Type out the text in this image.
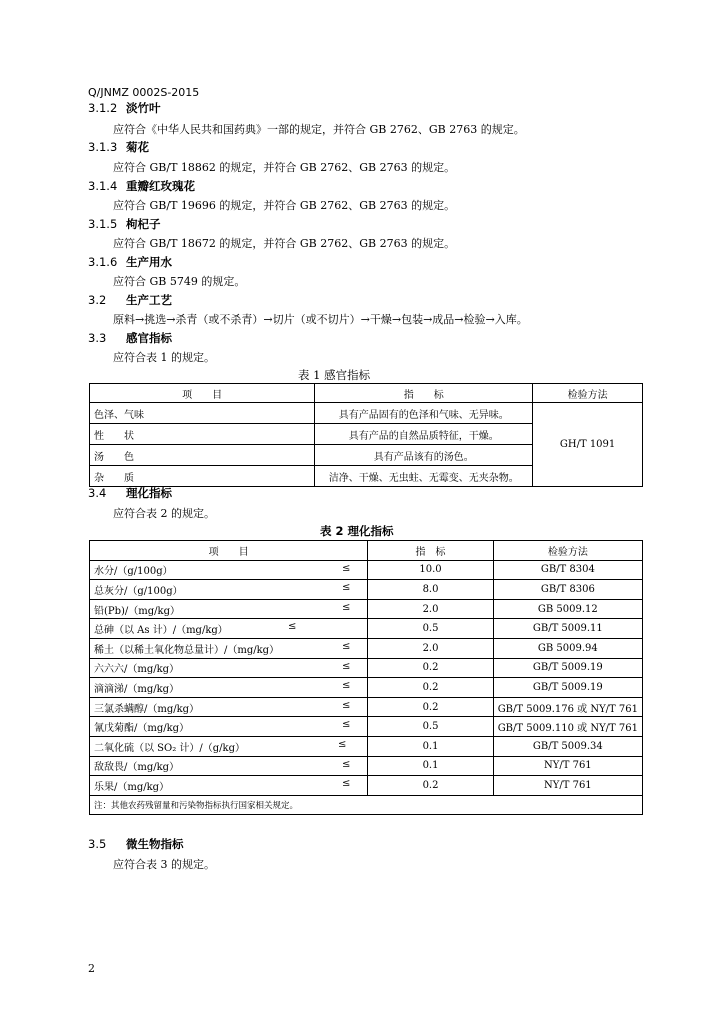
Q/JNMZ 0002S-2015
3.1.2 淡竹叶
应符合《中华人民共和国药典》一部的规定，并符合 GB 2762、GB 2763 的规定。
3.1.3 菊花
应符合 GB/T 18862 的规定，并符合 GB 2762、GB 2763 的规定。
3.1.4 重瓣红玫瑰花
应符合 GB/T 19696 的规定，并符合 GB 2762、GB 2763 的规定。
3.1.5 枸杞子
应符合 GB/T 18672 的规定，并符合 GB 2762、GB 2763 的规定。
3.1.6 生产用水
应符合 GB 5749 的规定。
3.2 生产工艺
原料→挑选→杀青（或不杀青）→切片（或不切片）→干燥→包装→成品→检验→入库。
3.3 感官指标
应符合表 1 的规定。
表 1 感官指标
项　　目	指　　标	检验方法
色泽、气味	具有产品固有的色泽和气味、无异味。	GH/T 1091
性　　状	具有产品的自然品质特征，干燥。	
汤　　色	具有产品该有的汤色。	
杂　　质	洁净、干燥、无虫蛀、无霉变、无夹杂物。	
3.4 理化指标
应符合表 2 的规定。
表 2 理化指标
项　　目	指　标	检验方法
水分/（g/100g） ≤	10.0	GB/T 8304
总灰分/（g/100g） ≤	8.0	GB/T 8306
铅(Pb)/（mg/kg） ≤	2.0	GB 5009.12
总砷（以 As 计）/（mg/kg） ≤	0.5	GB/T 5009.11
稀土（以稀土氧化物总量计）/（mg/kg） ≤	2.0	GB 5009.94
六六六/（mg/kg） ≤	0.2	GB/T 5009.19
滴滴涕/（mg/kg） ≤	0.2	GB/T 5009.19
三氯杀螨醇/（mg/kg） ≤	0.2	GB/T 5009.176 或 NY/T 761
氰戊菊酯/（mg/kg） ≤	0.5	GB/T 5009.110 或 NY/T 761
二氧化硫（以 SO₂ 计）/（g/kg） ≤	0.1	GB/T 5009.34
敌敌畏/（mg/kg） ≤	0.1	NY/T 761
乐果/（mg/kg） ≤	0.2	NY/T 761
注：其他农药残留量和污染物指标执行国家相关规定。		
3.5 微生物指标
应符合表 3 的规定。
2
